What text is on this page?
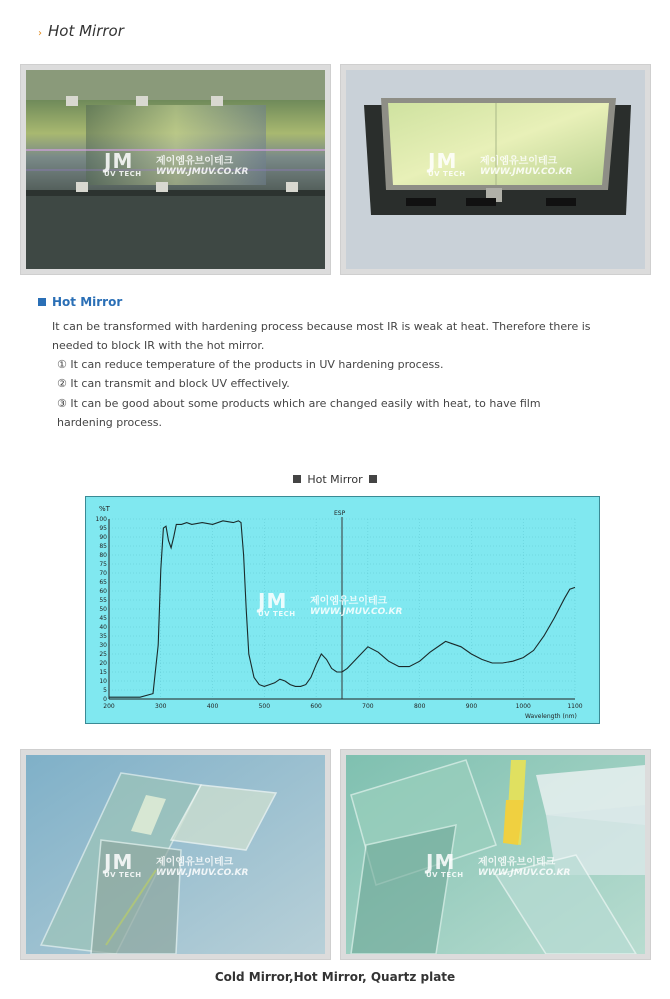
› Hot Mirror
JM
UV TECH
제이엠유브이테크
WWW.JMUV.CO.KR	JM
UV TECH
제이엠유브이테크
WWW.JMUV.CO.KR
Hot Mirror
It can be transformed with hardening process because most IR is weak at heat. Therefore there is needed to block IR with the hot mirror.
① It can reduce temperature of the products in UV hardening process.
② It can transmit and block UV effectively.
③ It can be good about some products which are changed easily with heat, to have film hardening process.
Hot Mirror
0
5
10
15
20
25
30
35
40
45
50
55
60
65
70
75
80
85
90
95
100
200	300	400	500	600	700	800	900	1000	1100
ESP
%T
Wavelength (nm)
JM
UV TECH
제이엠유브이테크
WWW.JMUV.CO.KR
JM
UV TECH
제이엠유브이테크
WWW.JMUV.CO.KR	JM
UV TECH
제이엠유브이테크
WWW.JMUV.CO.KR
Cold Mirror,Hot Mirror, Quartz plate
